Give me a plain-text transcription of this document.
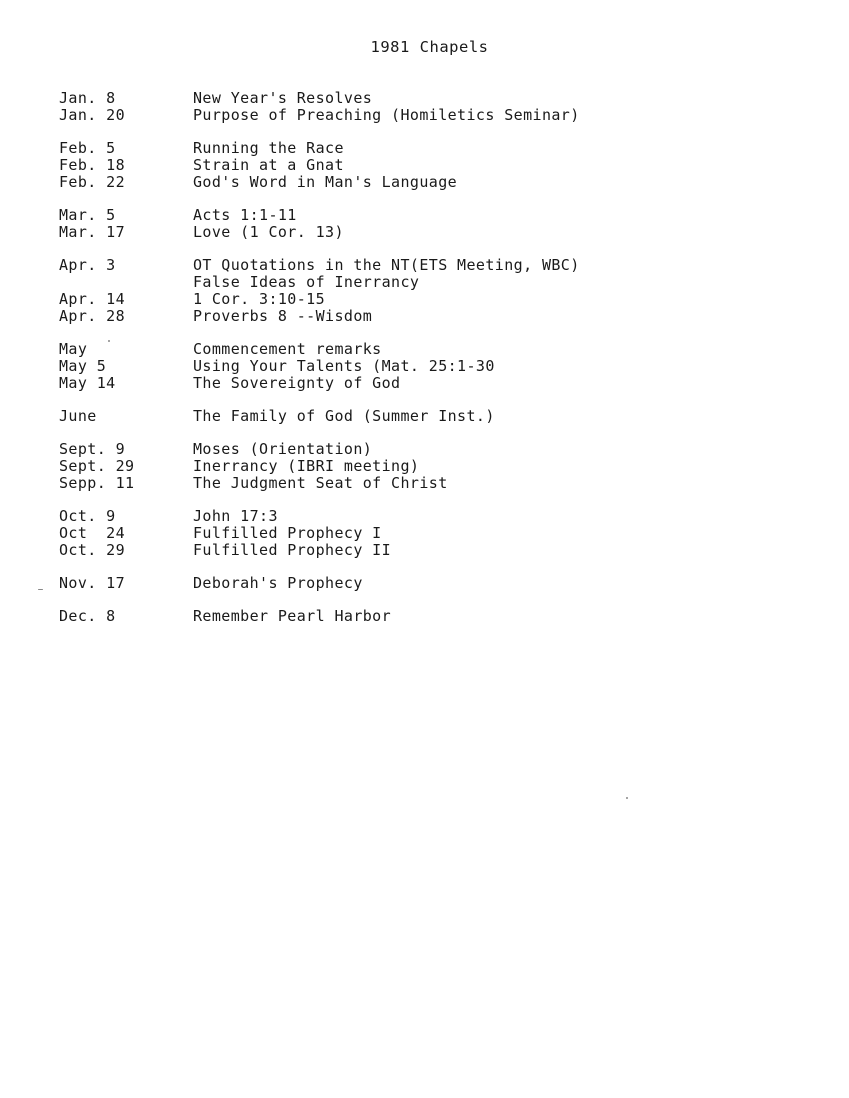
1981 Chapels
Jan. 8	New Year's Resolves
Jan. 20	Purpose of Preaching (Homiletics Seminar)
Feb. 5	Running the Race
Feb. 18	Strain at a Gnat
Feb. 22	God's Word in Man's Language
Mar. 5	Acts 1:1-11
Mar. 17	Love (1 Cor. 13)
Apr. 3	OT Quotations in the NT(ETS Meeting, WBC)
False Ideas of Inerrancy
Apr. 14	1 Cor. 3:10-15
Apr. 28	Proverbs 8 --Wisdom
May	Commencement remarks
May 5	Using Your Talents (Mat. 25:1-30
May 14	The Sovereignty of God
June	The Family of God (Summer Inst.)
Sept. 9	Moses (Orientation)
Sept. 29	Inerrancy (IBRI meeting)
Sepp. 11	The Judgment Seat of Christ
Oct. 9	John 17:3
Oct  24	Fulfilled Prophecy I
Oct. 29	Fulfilled Prophecy II
Nov. 17	Deborah's Prophecy
Dec. 8	Remember Pearl Harbor
